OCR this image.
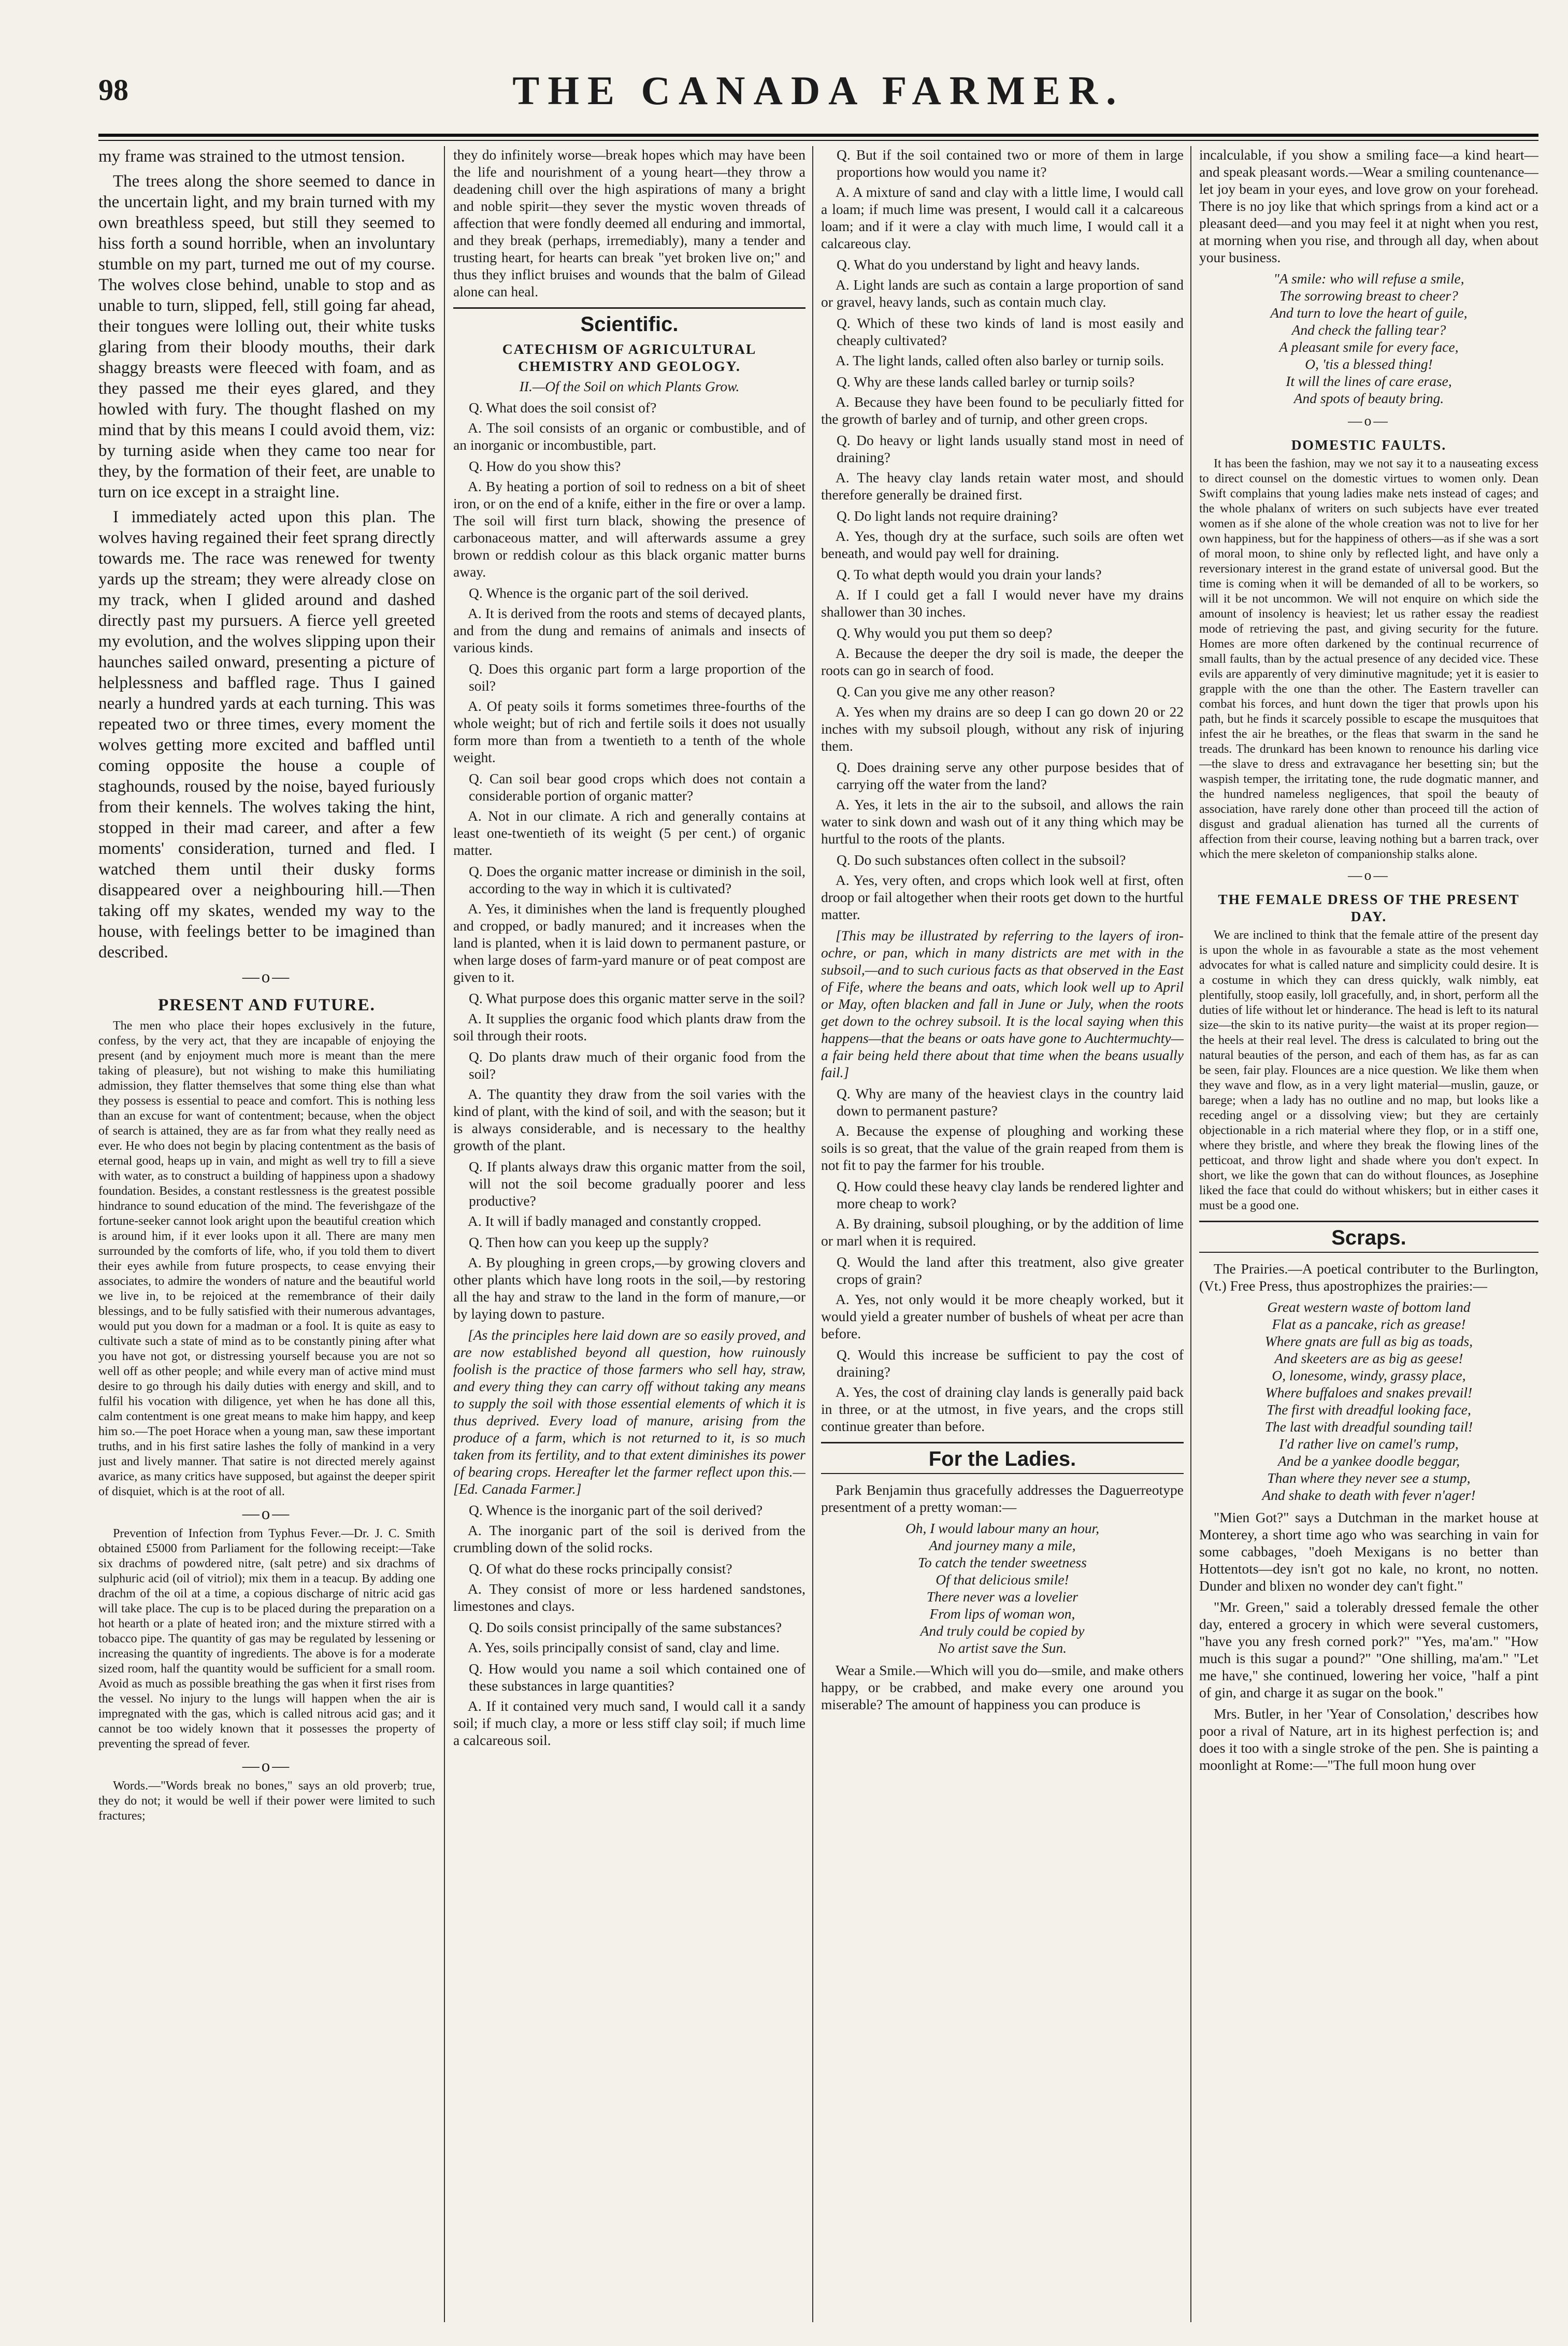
98	THE CANADA FARMER.

my frame was strained to the utmost tension.

The trees along the shore seemed to dance in the uncertain light, and my brain turned with my own breathless speed, but still they seemed to hiss forth a sound horrible, when an involuntary stumble on my part, turned me out of my course. The wolves close behind, unable to stop and as unable to turn, slipped, fell, still going far ahead, their tongues were lolling out, their white tusks glaring from their bloody mouths, their dark shaggy breasts were fleeced with foam, and as they passed me their eyes glared, and they howled with fury. The thought flashed on my mind that by this means I could avoid them, viz: by turning aside when they came too near for they, by the formation of their feet, are unable to turn on ice except in a straight line.

I immediately acted upon this plan. The wolves having regained their feet sprang directly towards me. The race was renewed for twenty yards up the stream; they were already close on my track, when I glided around and dashed directly past my pursuers. A fierce yell greeted my evolution, and the wolves slipping upon their haunches sailed onward, presenting a picture of helplessness and baffled rage. Thus I gained nearly a hundred yards at each turning. This was repeated two or three times, every moment the wolves getting more excited and baffled until coming opposite the house a couple of staghounds, roused by the noise, bayed furiously from their kennels. The wolves taking the hint, stopped in their mad career, and after a few moments' consideration, turned and fled. I watched them until their dusky forms disappeared over a neighbouring hill.—Then taking off my skates, wended my way to the house, with feelings better to be imagined than described.

—o—
PRESENT AND FUTURE.

The men who place their hopes exclusively in the future, confess, by the very act, that they are incapable of enjoying the present (and by enjoyment much more is meant than the mere taking of pleasure), but not wishing to make this humiliating admission, they flatter themselves that some thing else than what they possess is essential to peace and comfort. This is nothing less than an excuse for want of contentment; because, when the object of search is attained, they are as far from what they really need as ever. He who does not begin by placing contentment as the basis of eternal good, heaps up in vain, and might as well try to fill a sieve with water, as to construct a building of happiness upon a shadowy foundation. Besides, a constant restlessness is the greatest possible hindrance to sound education of the mind. The feverishgaze of the fortune-seeker cannot look aright upon the beautiful creation which is around him, if it ever looks upon it all. There are many men surrounded by the comforts of life, who, if you told them to divert their eyes awhile from future prospects, to cease envying their associates, to admire the wonders of nature and the beautiful world we live in, to be rejoiced at the remembrance of their daily blessings, and to be fully satisfied with their numerous advantages, would put you down for a madman or a fool. It is quite as easy to cultivate such a state of mind as to be constantly pining after what you have not got, or distressing yourself because you are not so well off as other people; and while every man of active mind must desire to go through his daily duties with energy and skill, and to fulfil his vocation with diligence, yet when he has done all this, calm contentment is one great means to make him happy, and keep him so.—The poet Horace when a young man, saw these important truths, and in his first satire lashes the folly of mankind in a very just and lively manner. That satire is not directed merely against avarice, as many critics have supposed, but against the deeper spirit of disquiet, which is at the root of all.

—o—

Prevention of Infection from Typhus Fever.—Dr. J. C. Smith obtained £5000 from Parliament for the following receipt:—Take six drachms of powdered nitre, (salt petre) and six drachms of sulphuric acid (oil of vitriol); mix them in a teacup. By adding one drachm of the oil at a time, a copious discharge of nitric acid gas will take place. The cup is to be placed during the preparation on a hot hearth or a plate of heated iron; and the mixture stirred with a tobacco pipe. The quantity of gas may be regulated by lessening or increasing the quantity of ingredients. The above is for a moderate sized room, half the quantity would be sufficient for a small room. Avoid as much as possible breathing the gas when it first rises from the vessel. No injury to the lungs will happen when the air is impregnated with the gas, which is called nitrous acid gas; and it cannot be too widely known that it possesses the property of preventing the spread of fever.

—o—

Words.—"Words break no bones," says an old proverb; true, they do not; it would be well if their power were limited to such fractures;

they do infinitely worse—break hopes which may have been the life and nourishment of a young heart—they throw a deadening chill over the high aspirations of many a bright and noble spirit—they sever the mystic woven threads of affection that were fondly deemed all enduring and immortal, and they break (perhaps, irremediably), many a tender and trusting heart, for hearts can break "yet broken live on;" and thus they inflict bruises and wounds that the balm of Gilead alone can heal.

Scientific.
CATECHISM OF AGRICULTURAL CHEMISTRY AND GEOLOGY.
II.—Of the Soil on which Plants Grow.

Q. What does the soil consist of?

A. The soil consists of an organic or combustible, and of an inorganic or incombustible, part.

Q. How do you show this?

A. By heating a portion of soil to redness on a bit of sheet iron, or on the end of a knife, either in the fire or over a lamp. The soil will first turn black, showing the presence of carbonaceous matter, and will afterwards assume a grey brown or reddish colour as this black organic matter burns away.

Q. Whence is the organic part of the soil derived.

A. It is derived from the roots and stems of decayed plants, and from the dung and remains of animals and insects of various kinds.

Q. Does this organic part form a large proportion of the soil?

A. Of peaty soils it forms sometimes three-fourths of the whole weight; but of rich and fertile soils it does not usually form more than from a twentieth to a tenth of the whole weight.

Q. Can soil bear good crops which does not contain a considerable portion of organic matter?

A. Not in our climate. A rich and generally contains at least one-twentieth of its weight (5 per cent.) of organic matter.

Q. Does the organic matter increase or diminish in the soil, according to the way in which it is cultivated?

A. Yes, it diminishes when the land is frequently ploughed and cropped, or badly manured; and it increases when the land is planted, when it is laid down to permanent pasture, or when large doses of farm-yard manure or of peat compost are given to it.

Q. What purpose does this organic matter serve in the soil?

A. It supplies the organic food which plants draw from the soil through their roots.

Q. Do plants draw much of their organic food from the soil?

A. The quantity they draw from the soil varies with the kind of plant, with the kind of soil, and with the season; but it is always considerable, and is necessary to the healthy growth of the plant.

Q. If plants always draw this organic matter from the soil, will not the soil become gradually poorer and less productive?

A. It will if badly managed and constantly cropped.

Q. Then how can you keep up the supply?

A. By ploughing in green crops,—by growing clovers and other plants which have long roots in the soil,—by restoring all the hay and straw to the land in the form of manure,—or by laying down to pasture.

[As the principles here laid down are so easily proved, and are now established beyond all question, how ruinously foolish is the practice of those farmers who sell hay, straw, and every thing they can carry off without taking any means to supply the soil with those essential elements of which it is thus deprived. Every load of manure, arising from the produce of a farm, which is not returned to it, is so much taken from its fertility, and to that extent diminishes its power of bearing crops. Hereafter let the farmer reflect upon this.—[Ed. Canada Farmer.]

Q. Whence is the inorganic part of the soil derived?

A. The inorganic part of the soil is derived from the crumbling down of the solid rocks.

Q. Of what do these rocks principally consist?

A. They consist of more or less hardened sandstones, limestones and clays.

Q. Do soils consist principally of the same substances?

A. Yes, soils principally consist of sand, clay and lime.

Q. How would you name a soil which contained one of these substances in large quantities?

A. If it contained very much sand, I would call it a sandy soil; if much clay, a more or less stiff clay soil; if much lime a calcareous soil.

Q. But if the soil contained two or more of them in large proportions how would you name it?

A. A mixture of sand and clay with a little lime, I would call a loam; if much lime was present, I would call it a calcareous loam; and if it were a clay with much lime, I would call it a calcareous clay.

Q. What do you understand by light and heavy lands.

A. Light lands are such as contain a large proportion of sand or gravel, heavy lands, such as contain much clay.

Q. Which of these two kinds of land is most easily and cheaply cultivated?

A. The light lands, called often also barley or turnip soils.

Q. Why are these lands called barley or turnip soils?

A. Because they have been found to be peculiarly fitted for the growth of barley and of turnip, and other green crops.

Q. Do heavy or light lands usually stand most in need of draining?

A. The heavy clay lands retain water most, and should therefore generally be drained first.

Q. Do light lands not require draining?

A. Yes, though dry at the surface, such soils are often wet beneath, and would pay well for draining.

Q. To what depth would you drain your lands?

A. If I could get a fall I would never have my drains shallower than 30 inches.

Q. Why would you put them so deep?

A. Because the deeper the dry soil is made, the deeper the roots can go in search of food.

Q. Can you give me any other reason?

A. Yes when my drains are so deep I can go down 20 or 22 inches with my subsoil plough, without any risk of injuring them.

Q. Does draining serve any other purpose besides that of carrying off the water from the land?

A. Yes, it lets in the air to the subsoil, and allows the rain water to sink down and wash out of it any thing which may be hurtful to the roots of the plants.

Q. Do such substances often collect in the subsoil?

A. Yes, very often, and crops which look well at first, often droop or fail altogether when their roots get down to the hurtful matter.

[This may be illustrated by referring to the layers of iron-ochre, or pan, which in many districts are met with in the subsoil,—and to such curious facts as that observed in the East of Fife, where the beans and oats, which look well up to April or May, often blacken and fall in June or July, when the roots get down to the ochrey subsoil. It is the local saying when this happens—that the beans or oats have gone to Auchtermuchty—a fair being held there about that time when the beans usually fail.]

Q. Why are many of the heaviest clays in the country laid down to permanent pasture?

A. Because the expense of ploughing and working these soils is so great, that the value of the grain reaped from them is not fit to pay the farmer for his trouble.

Q. How could these heavy clay lands be rendered lighter and more cheap to work?

A. By draining, subsoil ploughing, or by the addition of lime or marl when it is required.

Q. Would the land after this treatment, also give greater crops of grain?

A. Yes, not only would it be more cheaply worked, but it would yield a greater number of bushels of wheat per acre than before.

Q. Would this increase be sufficient to pay the cost of draining?

A. Yes, the cost of draining clay lands is generally paid back in three, or at the utmost, in five years, and the crops still continue greater than before.

For the Ladies.

Park Benjamin thus gracefully addresses the Daguerreotype presentment of a pretty woman:—

Oh, I would labour many an hour,
And journey many a mile,
To catch the tender sweetness
Of that delicious smile!
There never was a lovelier
From lips of woman won,
And truly could be copied by
No artist save the Sun.

Wear a Smile.—Which will you do—smile, and make others happy, or be crabbed, and make every one around you miserable? The amount of happiness you can produce is

incalculable, if you show a smiling face—a kind heart—and speak pleasant words.—Wear a smiling countenance—let joy beam in your eyes, and love grow on your forehead. There is no joy like that which springs from a kind act or a pleasant deed—and you may feel it at night when you rest, at morning when you rise, and through all day, when about your business.

"A smile: who will refuse a smile,
The sorrowing breast to cheer?
And turn to love the heart of guile,
And check the falling tear?
A pleasant smile for every face,
O, 'tis a blessed thing!
It will the lines of care erase,
And spots of beauty bring.
—o—
DOMESTIC FAULTS.

It has been the fashion, may we not say it to a nauseating excess to direct counsel on the domestic virtues to women only. Dean Swift complains that young ladies make nets instead of cages; and the whole phalanx of writers on such subjects have ever treated women as if she alone of the whole creation was not to live for her own happiness, but for the happiness of others—as if she was a sort of moral moon, to shine only by reflected light, and have only a reversionary interest in the grand estate of universal good. But the time is coming when it will be demanded of all to be workers, so will it be not uncommon. We will not enquire on which side the amount of insolency is heaviest; let us rather essay the readiest mode of retrieving the past, and giving security for the future. Homes are more often darkened by the continual recurrence of small faults, than by the actual presence of any decided vice. These evils are apparently of very diminutive magnitude; yet it is easier to grapple with the one than the other. The Eastern traveller can combat his forces, and hunt down the tiger that prowls upon his path, but he finds it scarcely possible to escape the musquitoes that infest the air he breathes, or the fleas that swarm in the sand he treads. The drunkard has been known to renounce his darling vice—the slave to dress and extravagance her besetting sin; but the waspish temper, the irritating tone, the rude dogmatic manner, and the hundred nameless negligences, that spoil the beauty of association, have rarely done other than proceed till the action of disgust and gradual alienation has turned all the currents of affection from their course, leaving nothing but a barren track, over which the mere skeleton of companionship stalks alone.

—o—
THE FEMALE DRESS OF THE PRESENT DAY.

We are inclined to think that the female attire of the present day is upon the whole in as favourable a state as the most vehement advocates for what is called nature and simplicity could desire. It is a costume in which they can dress quickly, walk nimbly, eat plentifully, stoop easily, loll gracefully, and, in short, perform all the duties of life without let or hinderance. The head is left to its natural size—the skin to its native purity—the waist at its proper region—the heels at their real level. The dress is calculated to bring out the natural beauties of the person, and each of them has, as far as can be seen, fair play. Flounces are a nice question. We like them when they wave and flow, as in a very light material—muslin, gauze, or barege; when a lady has no outline and no map, but looks like a receding angel or a dissolving view; but they are certainly objectionable in a rich material where they flop, or in a stiff one, where they bristle, and where they break the flowing lines of the petticoat, and throw light and shade where you don't expect. In short, we like the gown that can do without flounces, as Josephine liked the face that could do without whiskers; but in either cases it must be a good one.

Scraps.

The Prairies.—A poetical contributer to the Burlington, (Vt.) Free Press, thus apostrophizes the prairies:—

Great western waste of bottom land
Flat as a pancake, rich as grease!
Where gnats are full as big as toads,
And skeeters are as big as geese!
O, lonesome, windy, grassy place,
Where buffaloes and snakes prevail!
The first with dreadful looking face,
The last with dreadful sounding tail!
I'd rather live on camel's rump,
And be a yankee doodle beggar,
Than where they never see a stump,
And shake to death with fever n'ager!

"Mien Got?" says a Dutchman in the market house at Monterey, a short time ago who was searching in vain for some cabbages, "doeh Mexigans is no better than Hottentots—dey isn't got no kale, no kront, no notten. Dunder and blixen no wonder dey can't fight."

"Mr. Green," said a tolerably dressed female the other day, entered a grocery in which were several customers, "have you any fresh corned pork?" "Yes, ma'am." "How much is this sugar a pound?" "One shilling, ma'am." "Let me have," she continued, lowering her voice, "half a pint of gin, and charge it as sugar on the book."

Mrs. Butler, in her 'Year of Consolation,' describes how poor a rival of Nature, art in its highest perfection is; and does it too with a single stroke of the pen. She is painting a moonlight at Rome:—"The full moon hung over
